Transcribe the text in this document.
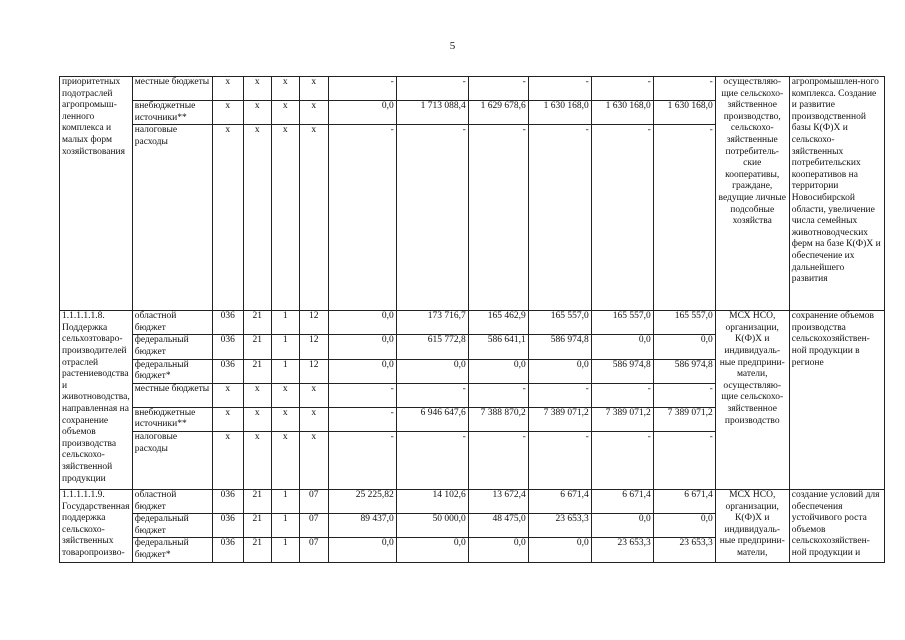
5
приоритетных подотраслей агропромыш-ленного комплекса и малых форм хозяйствования	местные бюджеты	х	х	х	х	-	-	-	-	-	-	осуществляю-щие сельскохо-зяйственное производство, сельскохо-зяйственные потребитель-ские кооперативы, граждане, ведущие личные подсобные хозяйства	агропромышлен-ного комплекса. Создание и развитие производственной базы К(Ф)Х и сельскохо-зяйственных потребительских кооперативов на территории Новосибирской области, увеличение числа семейных животноводческих ферм на базе К(Ф)Х и обеспечение их дальнейшего развития
	внебюджетные источники**	х	х	х	х	0,0	1 713 088,4	1 629 678,6	1 630 168,0	1 630 168,0	1 630 168,0		
	налоговые расходы	х	х	х	х	-	-	-	-	-	-		
1.1.1.1.1.8. Поддержка сельхозтоваро-производителей отраслей растениеводства и животноводства, направленная на сохранение объемов производства сельскохо-зяйственной продукции	областной бюджет	036	21	1	12	0,0	173 716,7	165 462,9	165 557,0	165 557,0	165 557,0	МСХ НСО, организации, К(Ф)Х и индивидуаль-ные предприни-матели, осуществляю-щие сельскохо-зяйственное производство	сохранение объемов производства сельскохозяйствен-ной продукции в регионе
	федеральный бюджет	036	21	1	12	0,0	615 772,8	586 641,1	586 974,8	0,0	0,0		
	федеральный бюджет*	036	21	1	12	0,0	0,0	0,0	0,0	586 974,8	586 974,8		
	местные бюджеты	х	х	х	х	-	-	-	-	-	-		
	внебюджетные источники**	х	х	х	х	-	6 946 647,6	7 388 870,2	7 389 071,2	7 389 071,2	7 389 071,2		
	налоговые расходы	х	х	х	х	-	-	-	-	-	-		
1.1.1.1.1.9. Государственная поддержка сельскохо-зяйственных товаропроизво-	областной бюджет	036	21	1	07	25 225,82	14 102,6	13 672,4	6 671,4	6 671,4	6 671,4	МСХ НСО, организации, К(Ф)Х и индивидуаль-ные предприни-матели,	создание условий для обеспечения устойчивого роста объемов сельскохозяйствен-ной продукции и
	федеральный бюджет	036	21	1	07	89 437,0	50 000,0	48 475,0	23 653,3	0,0	0,0		
	федеральный бюджет*	036	21	1	07	0,0	0,0	0,0	0,0	23 653,3	23 653,3		
